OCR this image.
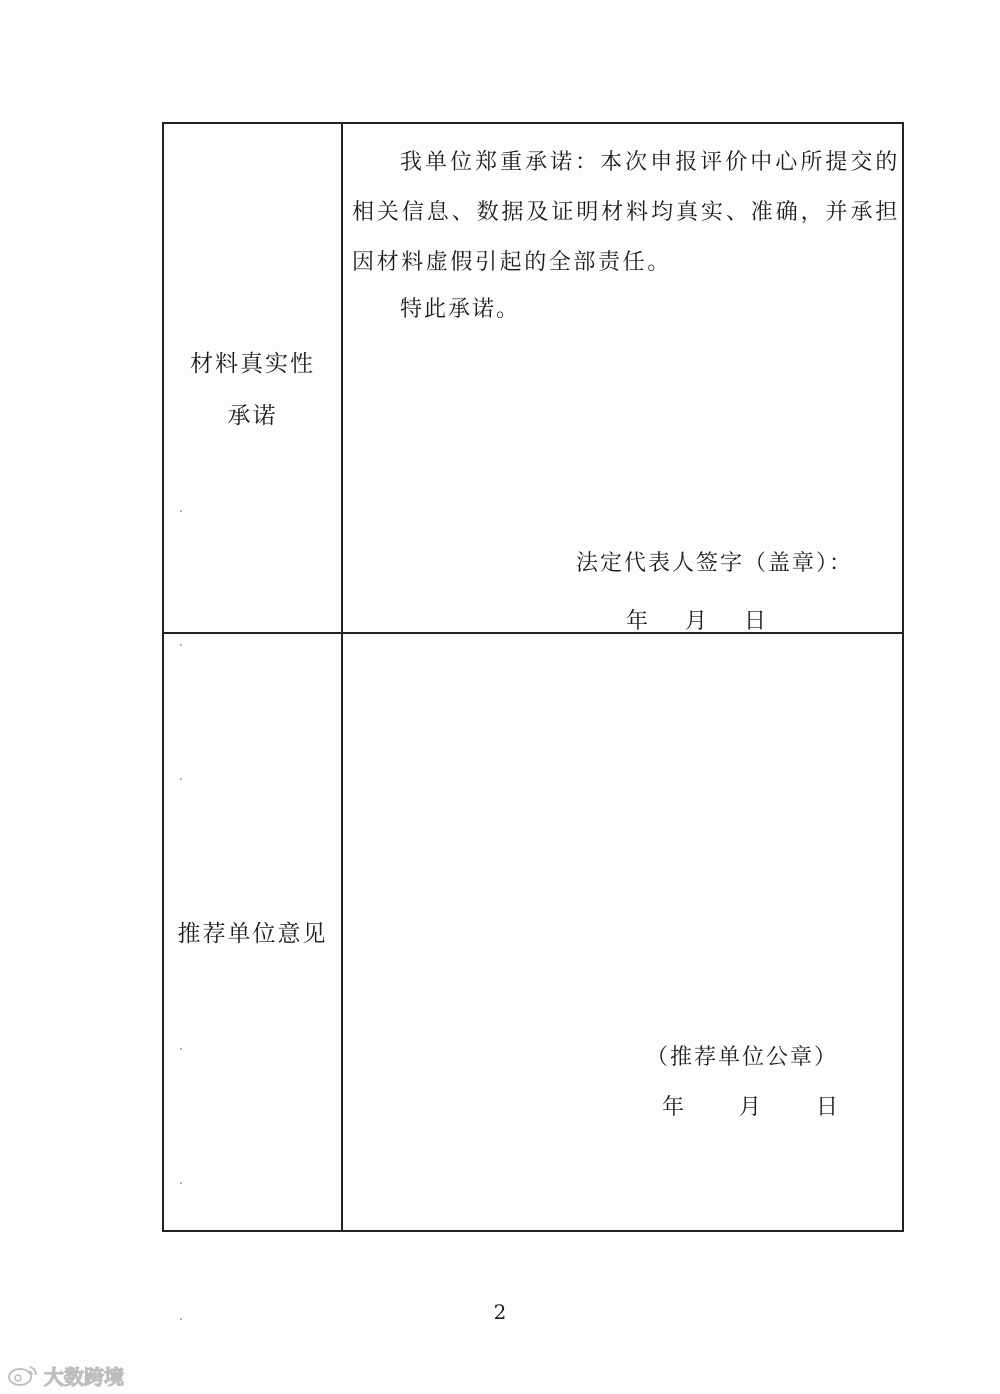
材料真实性
承诺

我单位郑重承诺：本次申报评价中心所提交的相关信息、数据及证明材料均真实、准确，并承担因材料虚假引起的全部责任。

特此承诺。
法定代表人签字（盖章）：
年 月 日
推荐单位意见
（推荐单位公章）
年	月	日
2
大数跨境
